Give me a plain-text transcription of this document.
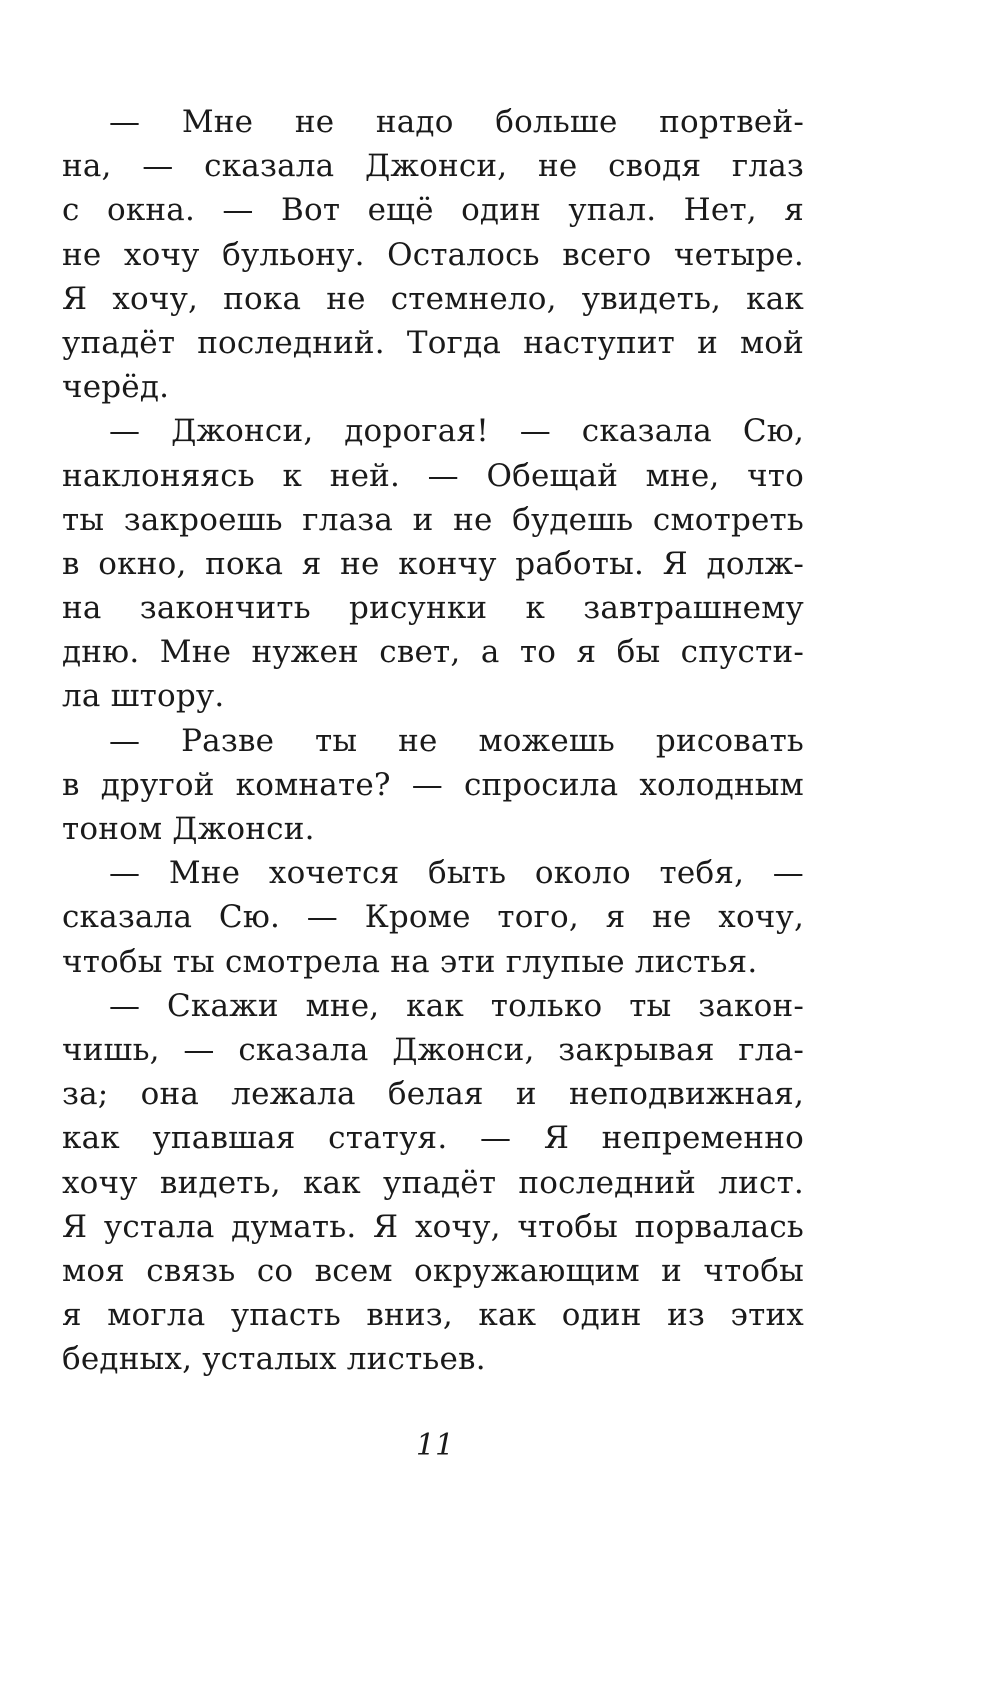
— Мне не надо больше портвей-
на, — сказала Джонси, не сводя глаз
с окна. — Вот ещё один упал. Нет, я
не хочу бульону. Осталось всего четыре.
Я хочу, пока не стемнело, увидеть, как
упадёт последний. Тогда наступит и мой
черёд.
— Джонси, дорогая! — сказала Сю,
наклоняясь к ней. — Обещай мне, что
ты закроешь глаза и не будешь смотреть
в окно, пока я не кончу работы. Я долж-
на закончить рисунки к завтрашнему
дню. Мне нужен свет, а то я бы спусти-
ла штору.
— Разве ты не можешь рисовать
в другой комнате? — спросила холодным
тоном Джонси.
— Мне хочется быть около тебя, —
сказала Сю. — Кроме того, я не хочу,
чтобы ты смотрела на эти глупые листья.
— Скажи мне, как только ты закон-
чишь, — сказала Джонси, закрывая гла-
за; она лежала белая и неподвижная,
как упавшая статуя. — Я непременно
хочу видеть, как упадёт последний лист.
Я устала думать. Я хочу, чтобы порвалась
моя связь со всем окружающим и чтобы
я могла упасть вниз, как один из этих
бедных, усталых листьев.
11
